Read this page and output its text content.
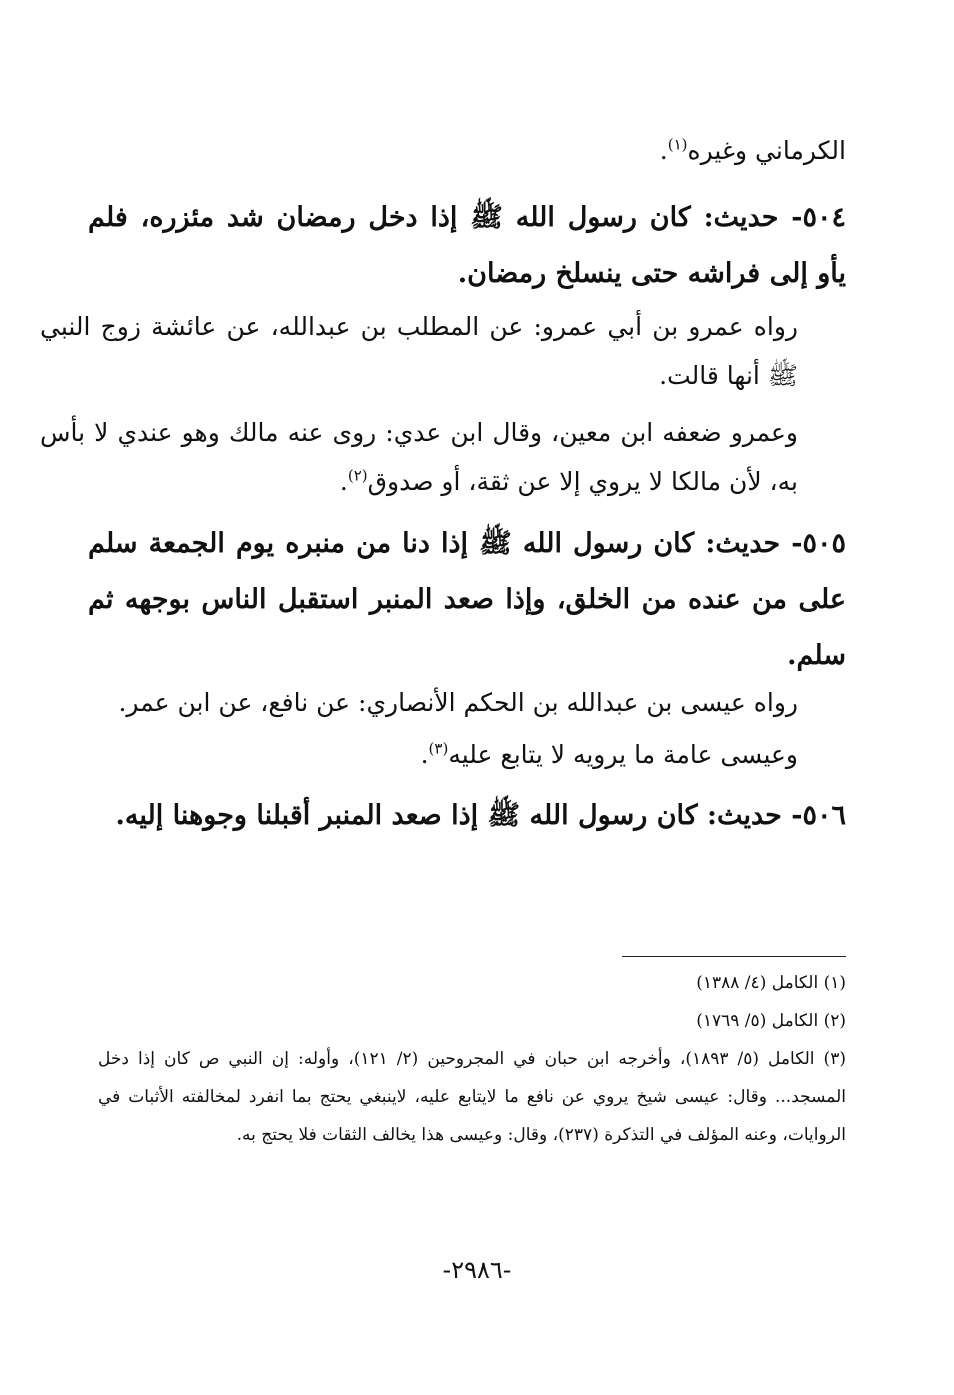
الكرماني وغيره$^{(١)}$.

٥٠٤- حديث: كان رسول الله ﷺ إذا دخل رمضان شد مئزره، فلم يأو إلى فراشه حتى ينسلخ رمضان.

رواه عمرو بن أبي عمرو: عن المطلب بن عبدالله، عن عائشة زوج النبي ﷺ أنها قالت.

وعمرو ضعفه ابن معين، وقال ابن عدي: روى عنه مالك وهو عندي لا بأس به، لأن مالكا لا يروي إلا عن ثقة، أو صدوق$^{(٢)}$.

٥٠٥- حديث: كان رسول الله ﷺ إذا دنا من منبره يوم الجمعة سلم على من عنده من الخلق، وإذا صعد المنبر استقبل الناس بوجهه ثم سلم.

رواه عيسى بن عبدالله بن الحكم الأنصاري: عن نافع، عن ابن عمر.

وعيسى عامة ما يرويه لا يتابع عليه$^{(٣)}$.

٥٠٦- حديث: كان رسول الله ﷺ إذا صعد المنبر أقبلنا وجوهنا إليه.

(١) الكامل (٤/ ١٣٨٨)

(٢) الكامل (٥/ ١٧٦٩)

(٣) الكامل (٥/ ١٨٩٣)، وأخرجه ابن حبان في المجروحين (٢/ ١٢١)، وأوله: إن النبي ص كان إذا دخل المسجد... وقال: عيسى شيخ يروي عن نافع ما لايتابع عليه، لاينبغي يحتج بما انفرد لمخالفته الأثبات في الروايات، وعنه المؤلف في التذكرة (٢٣٧)، وقال: وعيسى هذا يخالف الثقات فلا يحتج به.

-٢٩٨٦-
